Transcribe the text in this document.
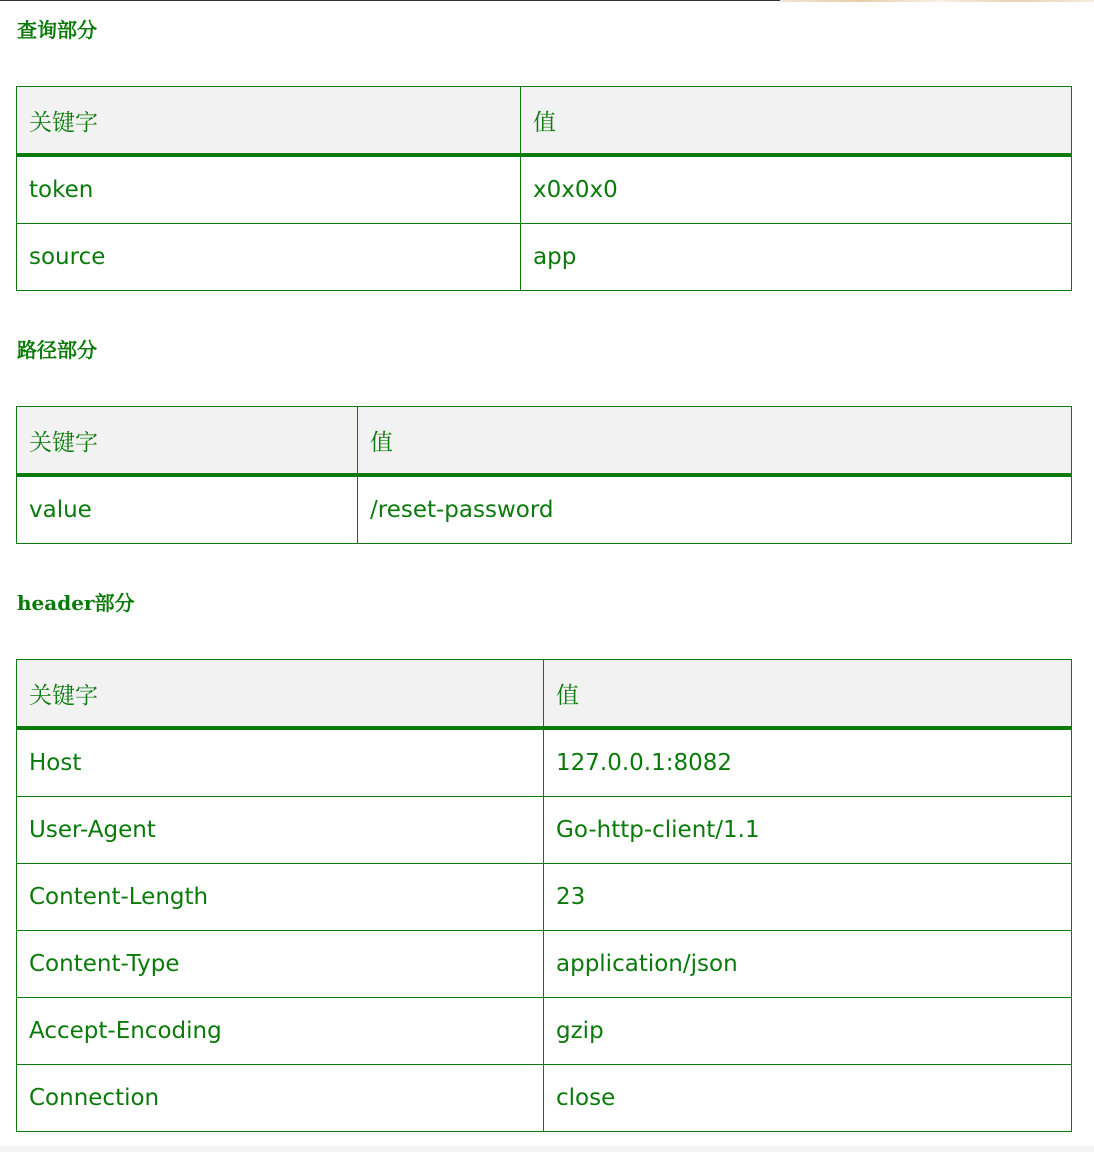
查询部分
关键字	值
token	x0x0x0
source	app
路径部分
关键字	值
value	/reset-password
header部分
关键字	值
Host	127.0.0.1:8082
User-Agent	Go-http-client/1.1
Content-Length	23
Content-Type	application/json
Accept-Encoding	gzip
Connection	close
